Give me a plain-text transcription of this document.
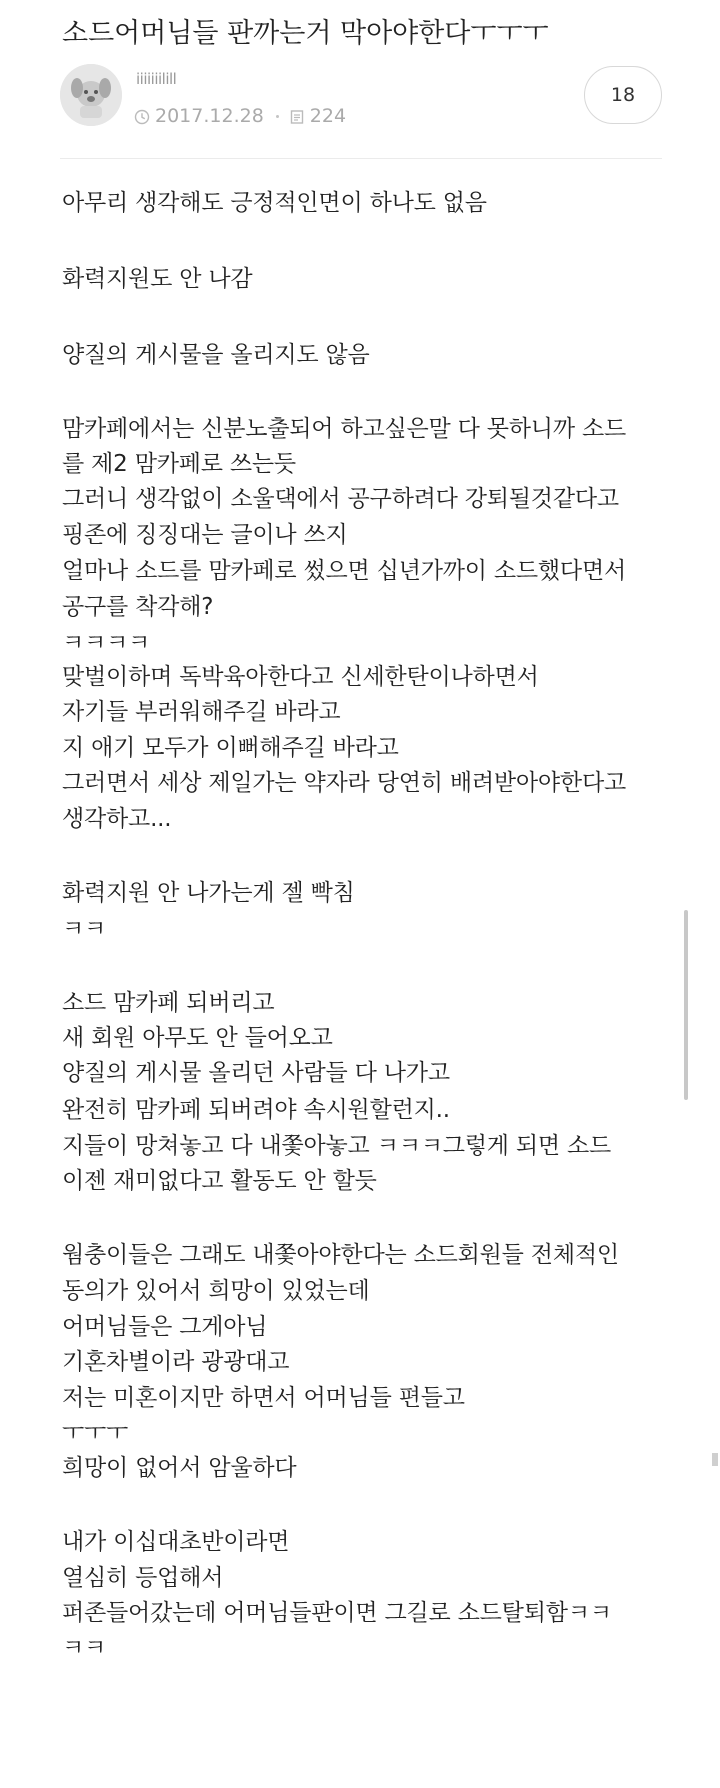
소드어머님들 판까는거 막아야한다ㅜㅜㅜ
iiiiiiilill
2017.12.28 224
18
아무리 생각해도 긍정적인면이 하나도 없음
화력지원도 안 나감
양질의 게시물을 올리지도 않음
맘카페에서는 신분노출되어 하고싶은말 다 못하니까 소드
를 제2 맘카페로 쓰는듯
그러니 생각없이 소울댁에서 공구하려다 강퇴될것같다고
핑존에 징징대는 글이나 쓰지
얼마나 소드를 맘카페로 썼으면 십년가까이 소드했다면서
공구를 착각해?
ㅋㅋㅋㅋ
맞벌이하며 독박육아한다고 신세한탄이나하면서
자기들 부러워해주길 바라고
지 애기 모두가 이뻐해주길 바라고
그러면서 세상 제일가는 약자라 당연히 배려받아야한다고
생각하고...
화력지원 안 나가는게 젤 빡침
ㅋㅋ
소드 맘카페 되버리고
새 회원 아무도 안 들어오고
양질의 게시물 올리던 사람들 다 나가고
완전히 맘카페 되버려야 속시원할런지..
지들이 망쳐놓고 다 내쫓아놓고 ㅋㅋㅋ그렇게 되면 소드
이젠 재미없다고 활동도 안 할듯
웜충이들은 그래도 내쫓아야한다는 소드회원들 전체적인
동의가 있어서 희망이 있었는데
어머님들은 그게아님
기혼차별이라 광광대고
저는 미혼이지만 하면서 어머님들 편들고
ㅜㅜㅜ
희망이 없어서 암울하다
내가 이십대초반이라면
열심히 등업해서
퍼존들어갔는데 어머님들판이면 그길로 소드탈퇴함ㅋㅋ
ㅋㅋ
